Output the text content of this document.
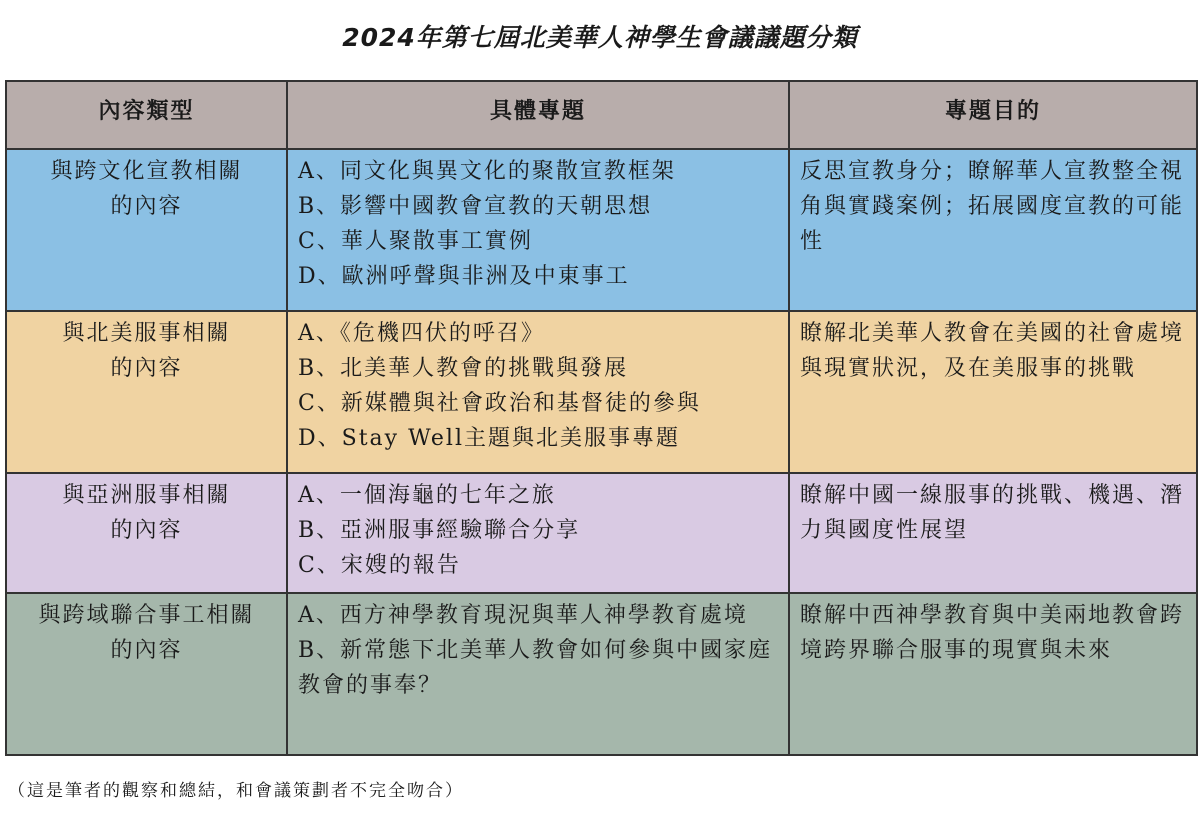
2024年第七屆北美華人神學生會議議題分類
內容類型	具體專題	專題目的

與跨文化宣教相關
的內容	A、同文化與異文化的聚散宣教框架
B、影響中國教會宣教的天朝思想
C、華人聚散事工實例
D、歐洲呼聲與非洲及中東事工	反思宣教身分；瞭解華人宣教整全視角與實踐案例；拓展國度宣教的可能性

與北美服事相關
的內容	A、《危機四伏的呼召》
B、北美華人教會的挑戰與發展
C、新媒體與社會政治和基督徒的參與
D、Stay Well主題與北美服事專題	瞭解北美華人教會在美國的社會處境與現實狀況，及在美服事的挑戰

與亞洲服事相關
的內容	A、一個海龜的七年之旅
B、亞洲服事經驗聯合分享
C、宋嫂的報告	瞭解中國一線服事的挑戰、機遇、潛力與國度性展望

與跨域聯合事工相關
的內容	A、西方神學教育現況與華人神學教育處境
B、新常態下北美華人教會如何參與中國家庭教會的事奉？	瞭解中西神學教育與中美兩地教會跨境跨界聯合服事的現實與未來
（這是筆者的觀察和總結，和會議策劃者不完全吻合）
